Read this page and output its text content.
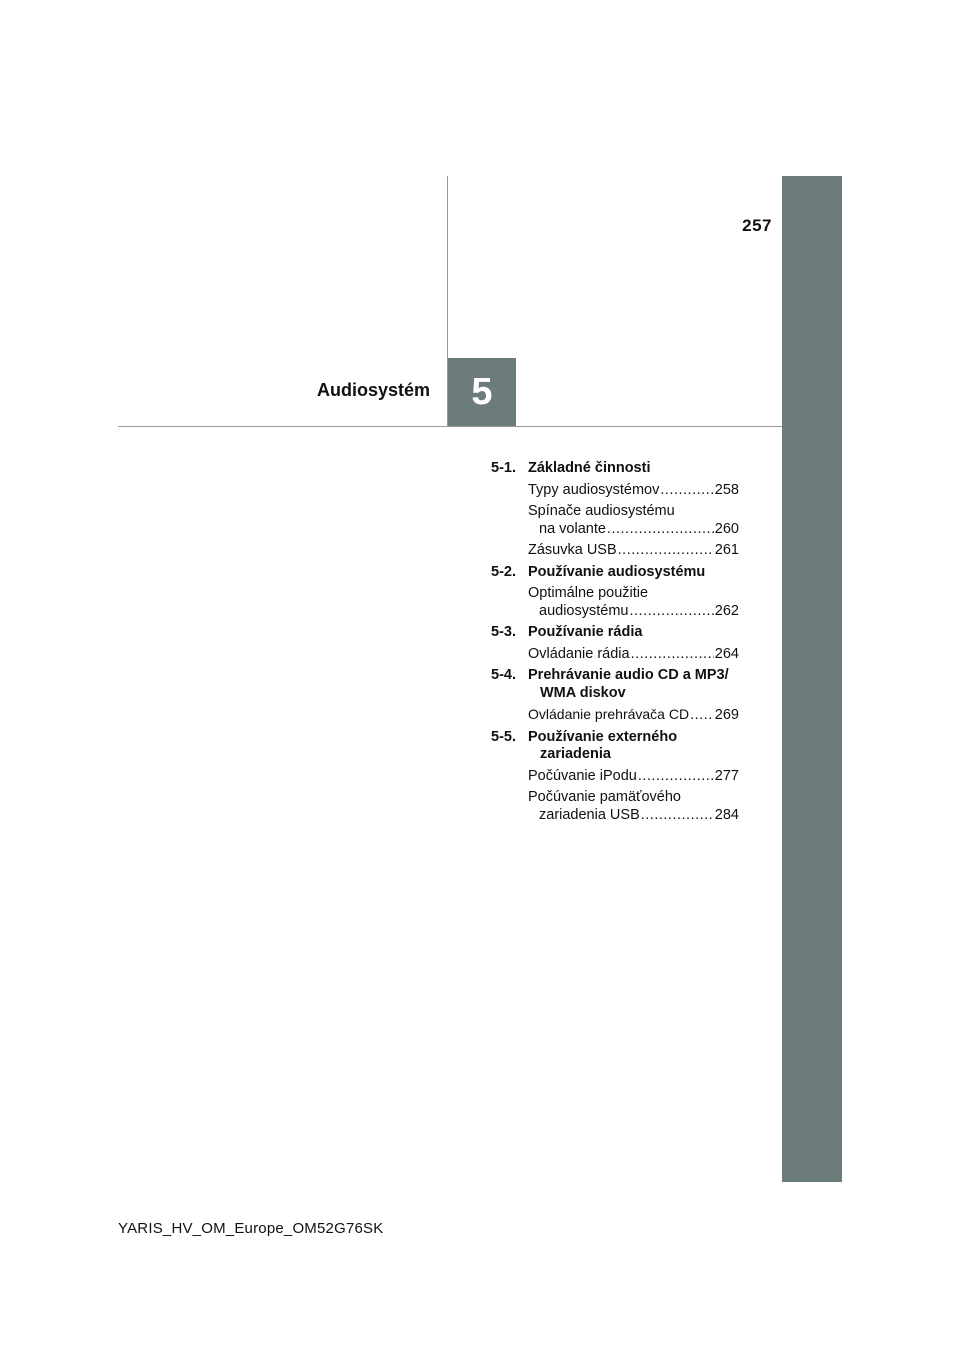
257
Audiosystém 5
5-1. Základné činnosti
Typy audiosystémov .....	258
Spínače audiosystému
na volante .....	260
Zásuvka USB .....	261
5-2. Používanie audiosystému
Optimálne použitie
audiosystému .....	262
5-3. Používanie rádia
Ovládanie rádia .....	264
5-4. Prehrávanie audio CD a MP3/ WMA diskov
Ovládanie prehrávača CD ..... 269
5-5. Používanie externého zariadenia
Počúvanie iPodu .....	277
Počúvanie pamäťového
zariadenia USB .....	284
YARIS_HV_OM_Europe_OM52G76SK
